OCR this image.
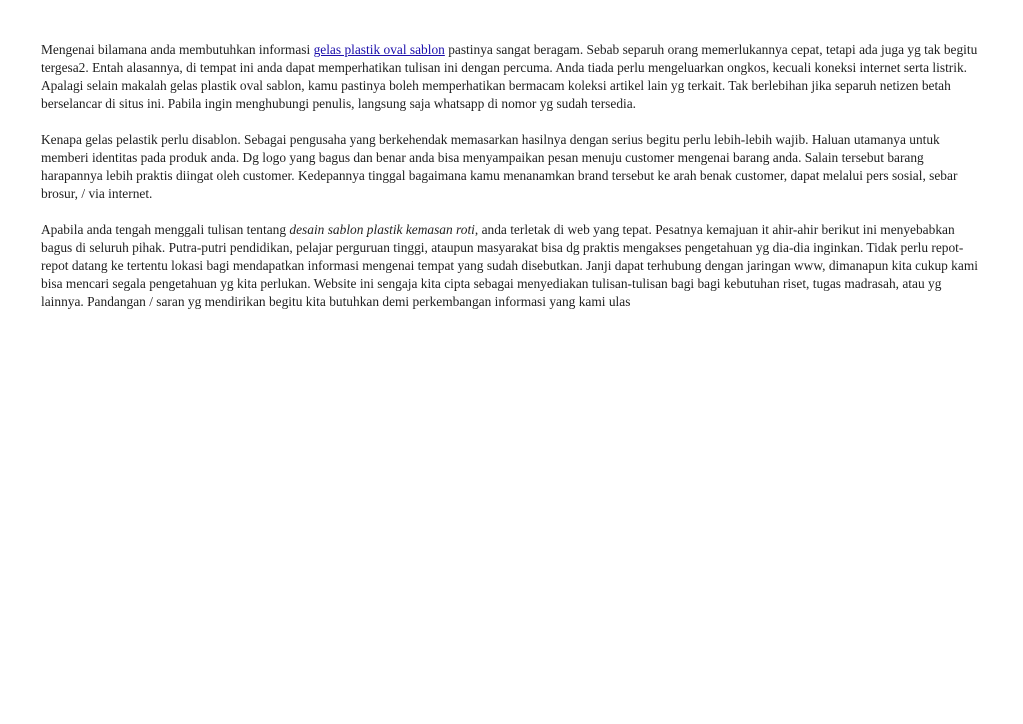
Mengenai bilamana anda membutuhkan informasi gelas plastik oval sablon pastinya sangat beragam. Sebab separuh orang memerlukannya cepat, tetapi ada juga yg tak begitu tergesa2. Entah alasannya, di tempat ini anda dapat memperhatikan tulisan ini dengan percuma. Anda tiada perlu mengeluarkan ongkos, kecuali koneksi internet serta listrik. Apalagi selain makalah gelas plastik oval sablon, kamu pastinya boleh memperhatikan bermacam koleksi artikel lain yg terkait. Tak berlebihan jika separuh netizen betah berselancar di situs ini. Pabila ingin menghubungi penulis, langsung saja whatsapp di nomor yg sudah tersedia.

Kenapa gelas pelastik perlu disablon. Sebagai pengusaha yang berkehendak memasarkan hasilnya dengan serius begitu perlu lebih-lebih wajib. Haluan utamanya untuk memberi identitas pada produk anda. Dg logo yang bagus dan benar anda bisa menyampaikan pesan menuju customer mengenai barang anda. Salain tersebut barang harapannya lebih praktis diingat oleh customer. Kedepannya tinggal bagaimana kamu menanamkan brand tersebut ke arah benak customer, dapat melalui pers sosial, sebar brosur, / via internet.

Apabila anda tengah menggali tulisan tentang desain sablon plastik kemasan roti, anda terletak di web yang tepat. Pesatnya kemajuan it ahir-ahir berikut ini menyebabkan bagus di seluruh pihak. Putra-putri pendidikan, pelajar perguruan tinggi, ataupun masyarakat bisa dg praktis mengakses pengetahuan yg dia-dia inginkan. Tidak perlu repot-repot datang ke tertentu lokasi bagi mendapatkan informasi mengenai tempat yang sudah disebutkan. Janji dapat terhubung dengan jaringan www, dimanapun kita cukup kami bisa mencari segala pengetahuan yg kita perlukan. Website ini sengaja kita cipta sebagai menyediakan tulisan-tulisan bagi bagi kebutuhan riset, tugas madrasah, atau yg lainnya. Pandangan / saran yg mendirikan begitu kita butuhkan demi perkembangan informasi yang kami ulas
